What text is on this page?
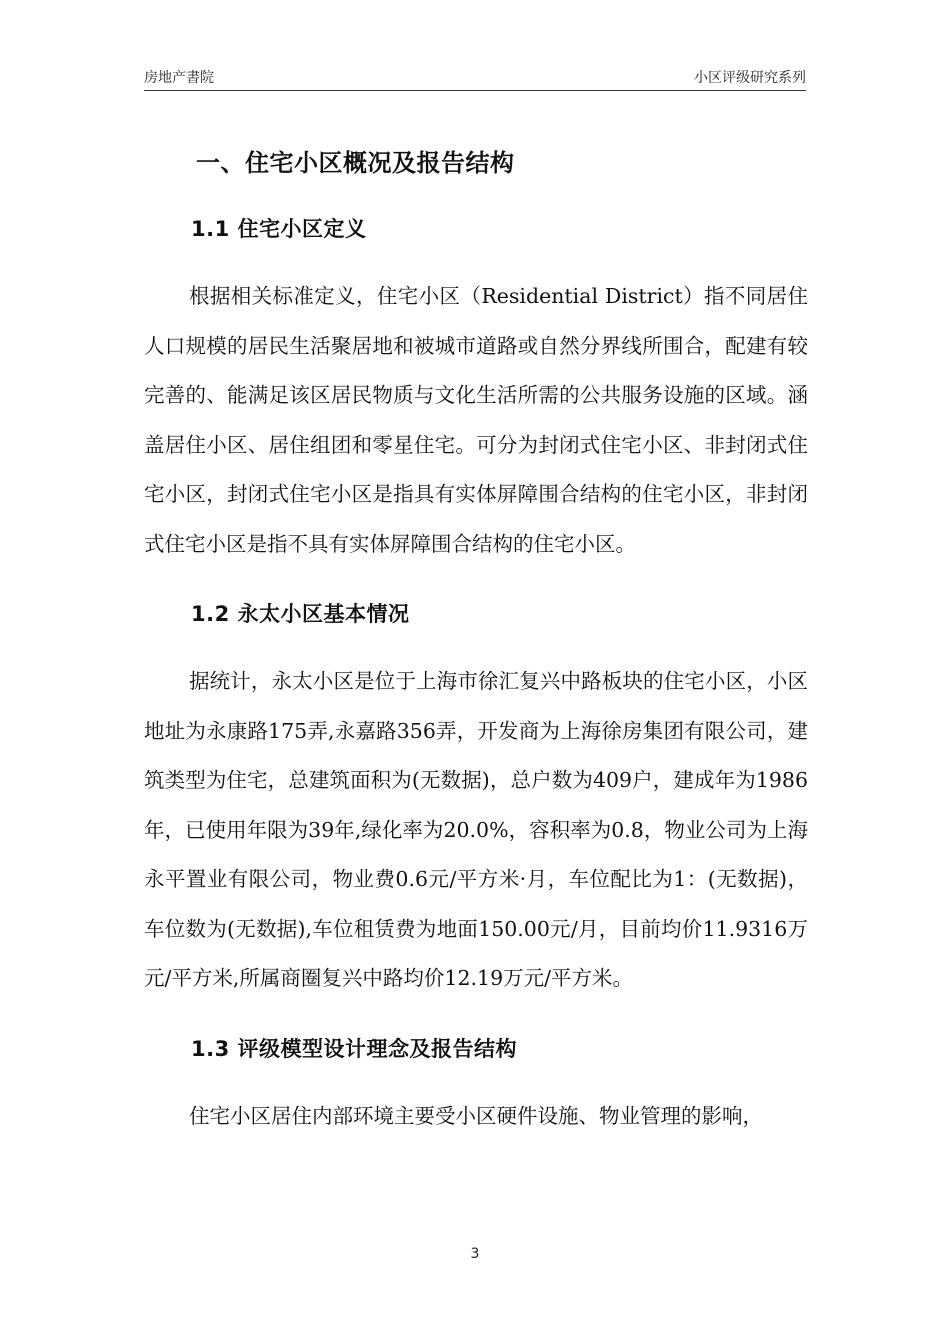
房地产書院	小区评级研究系列
一、住宅小区概况及报告结构
1.1 住宅小区定义

根据相关标准定义，住宅小区（Residential District）指不同居住人口规模的居民生活聚居地和被城市道路或自然分界线所围合，配建有较完善的、能满足该区居民物质与文化生活所需的公共服务设施的区域。涵盖居住小区、居住组团和零星住宅。可分为封闭式住宅小区、非封闭式住宅小区，封闭式住宅小区是指具有实体屏障围合结构的住宅小区，非封闭式住宅小区是指不具有实体屏障围合结构的住宅小区。

1.2 永太小区基本情况

据统计，永太小区是位于上海市徐汇复兴中路板块的住宅小区，小区地址为永康路175弄,永嘉路356弄，开发商为上海徐房集团有限公司，建筑类型为住宅，总建筑面积为(无数据)，总户数为409户，建成年为1986年，已使用年限为39年,绿化率为20.0%，容积率为0.8，物业公司为上海永平置业有限公司，物业费0.6元/平方米·月，车位配比为1：(无数据)，车位数为(无数据),车位租赁费为地面150.00元/月，目前均价11.9316万元/平方米,所属商圈复兴中路均价12.19万元/平方米。

1.3 评级模型设计理念及报告结构

住宅小区居住内部环境主要受小区硬件设施、物业管理的影响，

3
